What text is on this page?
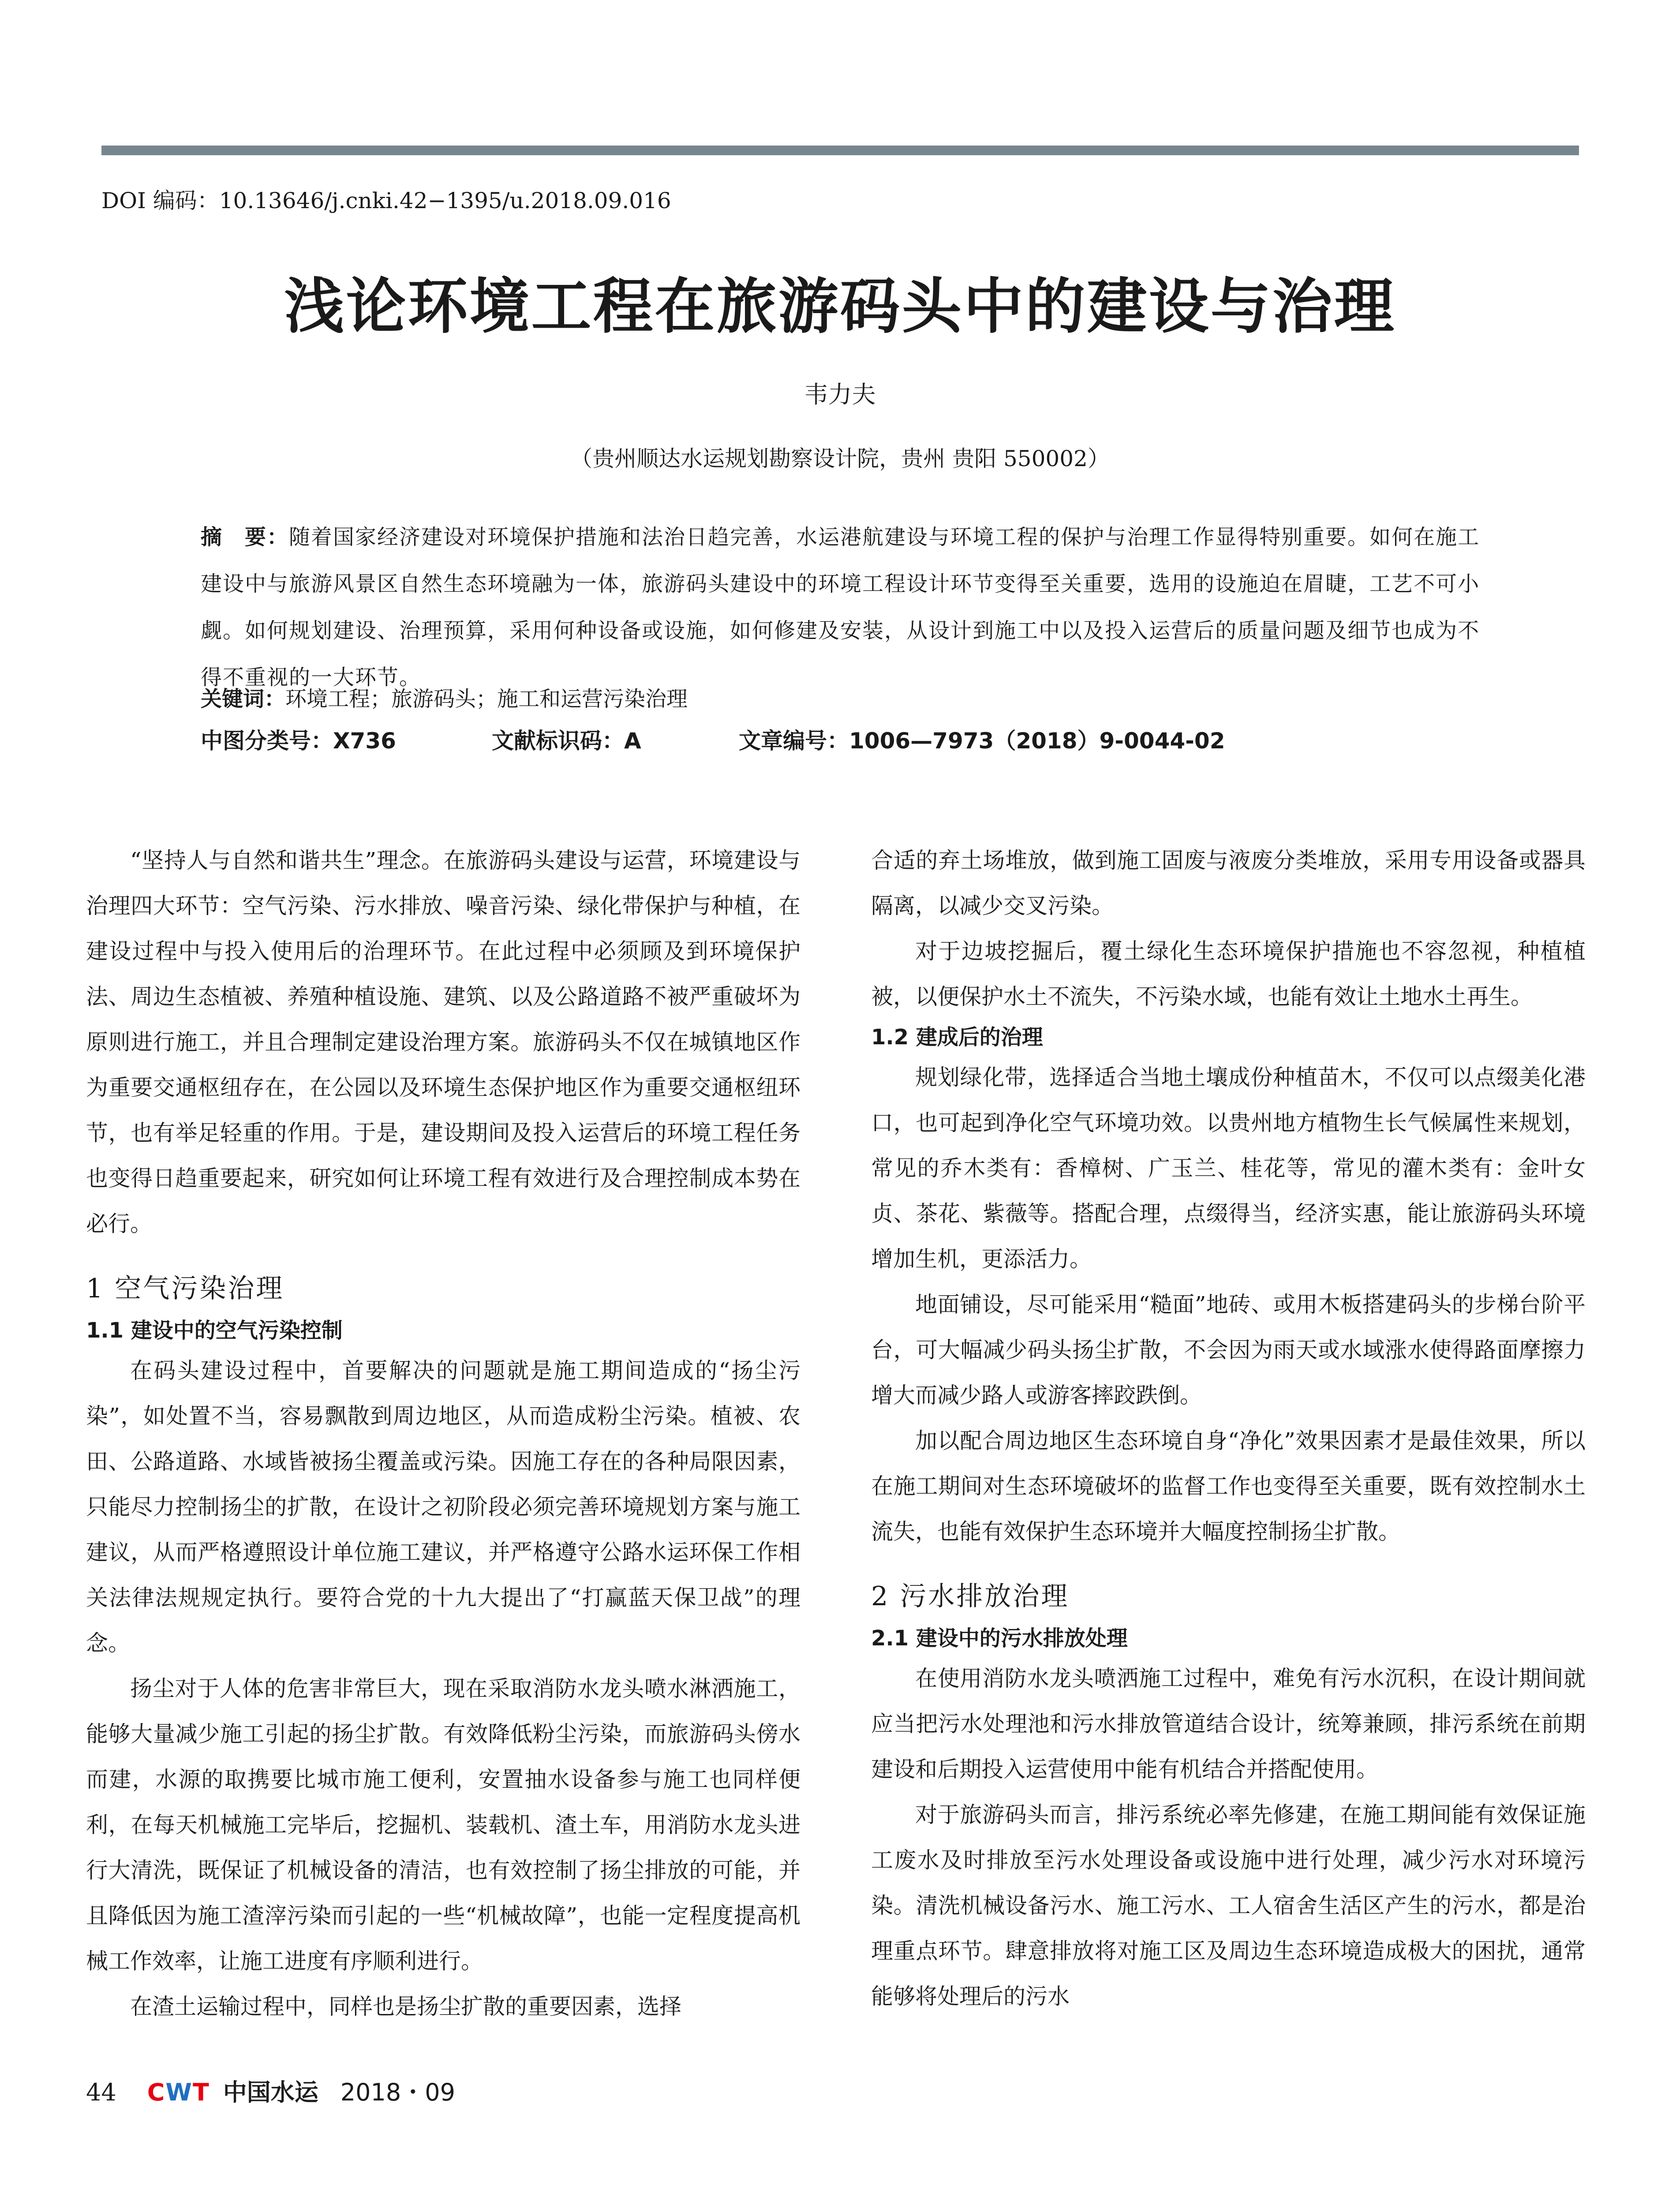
DOI 编码：10.13646/j.cnki.42−1395/u.2018.09.016
浅论环境工程在旅游码头中的建设与治理
韦力夫
（贵州顺达水运规划勘察设计院，贵州 贵阳 550002）
摘　要：随着国家经济建设对环境保护措施和法治日趋完善，水运港航建设与环境工程的保护与治理工作显得特别重要。如何在施工建设中与旅游风景区自然生态环境融为一体，旅游码头建设中的环境工程设计环节变得至关重要，选用的设施迫在眉睫，工艺不可小觑。如何规划建设、治理预算，采用何种设备或设施，如何修建及安装，从设计到施工中以及投入运营后的质量问题及细节也成为不得不重视的一大环节。
关键词：环境工程；旅游码头；施工和运营污染治理
中图分类号：X736	文献标识码：A	文章编号：1006—7973（2018）9-0044-02

“坚持人与自然和谐共生”理念。在旅游码头建设与运营，环境建设与治理四大环节：空气污染、污水排放、噪音污染、绿化带保护与种植，在建设过程中与投入使用后的治理环节。在此过程中必须顾及到环境保护法、周边生态植被、养殖种植设施、建筑、以及公路道路不被严重破坏为原则进行施工，并且合理制定建设治理方案。旅游码头不仅在城镇地区作为重要交通枢纽存在，在公园以及环境生态保护地区作为重要交通枢纽环节，也有举足轻重的作用。于是，建设期间及投入运营后的环境工程任务也变得日趋重要起来，研究如何让环境工程有效进行及合理控制成本势在必行。

1 空气污染治理
1.1 建设中的空气污染控制

在码头建设过程中，首要解决的问题就是施工期间造成的“扬尘污染”，如处置不当，容易飘散到周边地区，从而造成粉尘污染。植被、农田、公路道路、水域皆被扬尘覆盖或污染。因施工存在的各种局限因素，只能尽力控制扬尘的扩散，在设计之初阶段必须完善环境规划方案与施工建议，从而严格遵照设计单位施工建议，并严格遵守公路水运环保工作相关法律法规规定执行。要符合党的十九大提出了“打赢蓝天保卫战”的理念。

扬尘对于人体的危害非常巨大，现在采取消防水龙头喷水淋洒施工，能够大量减少施工引起的扬尘扩散。有效降低粉尘污染，而旅游码头傍水而建，水源的取携要比城市施工便利，安置抽水设备参与施工也同样便利，在每天机械施工完毕后，挖掘机、装载机、渣土车，用消防水龙头进行大清洗，既保证了机械设备的清洁，也有效控制了扬尘排放的可能，并且降低因为施工渣滓污染而引起的一些“机械故障”，也能一定程度提高机械工作效率，让施工进度有序顺利进行。

在渣土运输过程中，同样也是扬尘扩散的重要因素，选择

合适的弃土场堆放，做到施工固废与液废分类堆放，采用专用设备或器具隔离，以减少交叉污染。

对于边坡挖掘后，覆土绿化生态环境保护措施也不容忽视，种植植被，以便保护水土不流失，不污染水域，也能有效让土地水土再生。

1.2 建成后的治理

规划绿化带，选择适合当地土壤成份种植苗木，不仅可以点缀美化港口，也可起到净化空气环境功效。以贵州地方植物生长气候属性来规划，常见的乔木类有：香樟树、广玉兰、桂花等，常见的灌木类有：金叶女贞、茶花、紫薇等。搭配合理，点缀得当，经济实惠，能让旅游码头环境增加生机，更添活力。

地面铺设，尽可能采用“糙面”地砖、或用木板搭建码头的步梯台阶平台，可大幅减少码头扬尘扩散，不会因为雨天或水域涨水使得路面摩擦力增大而减少路人或游客摔跤跌倒。

加以配合周边地区生态环境自身“净化”效果因素才是最佳效果，所以在施工期间对生态环境破坏的监督工作也变得至关重要，既有效控制水土流失，也能有效保护生态环境并大幅度控制扬尘扩散。

2 污水排放治理
2.1 建设中的污水排放处理

在使用消防水龙头喷洒施工过程中，难免有污水沉积，在设计期间就应当把污水处理池和污水排放管道结合设计，统筹兼顾，排污系统在前期建设和后期投入运营使用中能有机结合并搭配使用。

对于旅游码头而言，排污系统必率先修建，在施工期间能有效保证施工废水及时排放至污水处理设备或设施中进行处理，减少污水对环境污染。清洗机械设备污水、施工污水、工人宿舍生活区产生的污水，都是治理重点环节。肆意排放将对施工区及周边生态环境造成极大的困扰，通常能够将处理后的污水

44 CWT 中国水运 2018・09
